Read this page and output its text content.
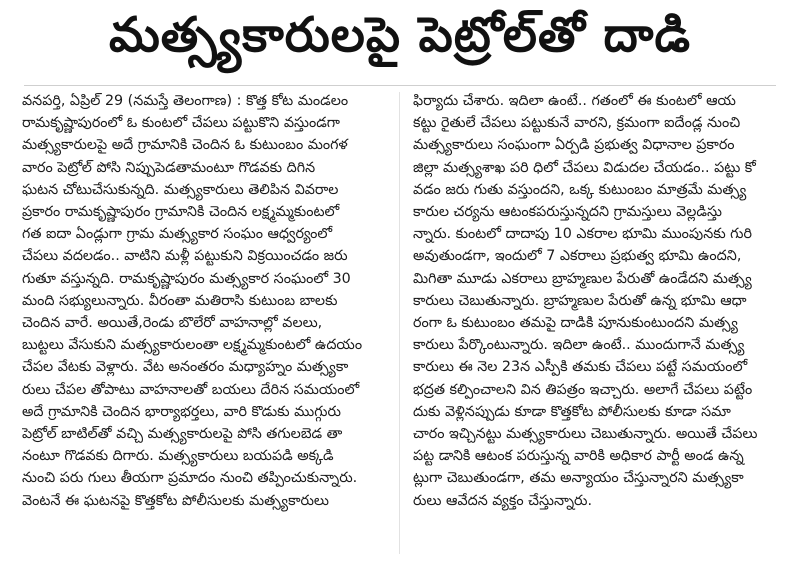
మత్స్యకారులపై పెట్రోల్‌తో దాడి
వనపర్తి, ఏప్రిల్ 29 (నమస్తే తెలంగాణ) : కొత్త కోట మండలం
రామకృష్ణాపురంలో ఓ కుంటలో చేపలు పట్టుకొని వస్తుండగా
మత్స్యకారులపై అదే గ్రామానికి చెందిన ఓ కుటుంబం మంగళ
వారం పెట్రోల్ పోసి నిప్పుపెడతామంటూ గొడవకు దిగిన
ఘటన చోటుచేసుకున్నది. మత్స్యకారులు తెలిపిన వివరాల
ప్రకారం రామకృష్ణాపురం గ్రామానికి చెందిన లక్ష్మమ్మకుంటలో
గత ఐదా ఏండ్లుగా గ్రామ మత్స్యకార సంఘం ఆధ్వర్యంలో
చేపలు వదలడం.. వాటిని మళ్లీ పట్టుకుని విక్రయించడం జరు
గుతూ వస్తున్నది. రామకృష్ణాపురం మత్స్యకార సంఘంలో 30
మంది సభ్యులున్నారు. వీరంతా మతిరాసి కుటుంబ బాలకు
చెందిన వారే. అయితే,రెండు బొలేరో వాహనాల్లో వలలు,
బుట్టలు వేసుకుని మత్స్యకారులంతా లక్ష్మమ్మకుంటలో ఉదయం
చేపల వేటకు వెళ్లారు. వేట అనంతరం మధ్యాహ్నం మత్స్యకా
రులు చేపల తోపాటు వాహనాలతో బయలు దేరిన సమయంలో
అదే గ్రామానికి చెందిన భార్యాభర్తలు, వారి కొడుకు ముగ్గురు
పెట్రోల్ బాటిల్‌తో వచ్చి మత్స్యకారులపై పోసి తగులబెడ తా
నంటూ గొడవకు దిగారు. మత్స్యకారులు బయపడి అక్కడి
నుంచి పరు గులు తీయగా ప్రమాదం నుంచి తప్పించుకున్నారు.
వెంటనే ఈ ఘటనపై కొత్తకోట పోలీసులకు మత్స్యకారులు
ఫిర్యాదు చేశారు. ఇదిలా ఉంటే.. గతంలో ఈ కుంటలో ఆయ
కట్టు రైతులే చేపలు పట్టుకునే వారని, క్రమంగా ఐదేండ్ల నుంచి
మత్స్యకారులు సంఘంగా ఏర్పడి ప్రభుత్వ విధానాల ప్రకారం
జిల్లా మత్స్యశాఖ పరి ధిలో చేపలు విడుదల చేయడం.. పట్టు కో
వడం జరు గుతు వస్తుందని, ఒక్క కుటుంబం మాత్రమే మత్స్య
కారుల చర్యను ఆటంకపరుస్తున్నదని గ్రామస్తులు వెల్లడిస్తు
న్నారు. కుంటలో దాదాపు 10 ఎకరాల భూమి ముంపునకు గురి
అవుతుండగా, ఇందులో 7 ఎకరాలు ప్రభుత్వ భూమి ఉందని,
మిగితా మూడు ఎకరాలు బ్రాహ్మణుల పేరుతో ఉండేదని మత్స్య
కారులు చెబుతున్నారు. బ్రాహ్మణుల పేరుతో ఉన్న భూమి ఆధా
రంగా ఓ కుటుంబం తమపై దాడికి పూనుకుంటుందని మత్స్య
కారులు పేర్కొంటున్నారు. ఇదిలా ఉంటే.. ముందుగానే మత్స్య
కారులు ఈ నెల 23న ఎస్పీకి తమకు చేపలు పట్టే సమయంలో
భద్రత కల్పించాలని విన తిపత్రం ఇచ్చారు. అలాగే చేపలు పట్టేం
దుకు వెళ్లినప్పుడు కూడా కొత్తకోట పోలీసులకు కూడా సమా
చారం ఇచ్చినట్టు మత్స్యకారులు చెబుతున్నారు. అయితే చేపలు
పట్ట డానికి ఆటంక పరుస్తున్న వారికి అధికార పార్టీ అండ ఉన్న
ట్లుగా చెబుతుండగా, తమ అన్యాయం చేస్తున్నారని మత్స్యకా
రులు ఆవేదన వ్యక్తం చేస్తున్నారు.
